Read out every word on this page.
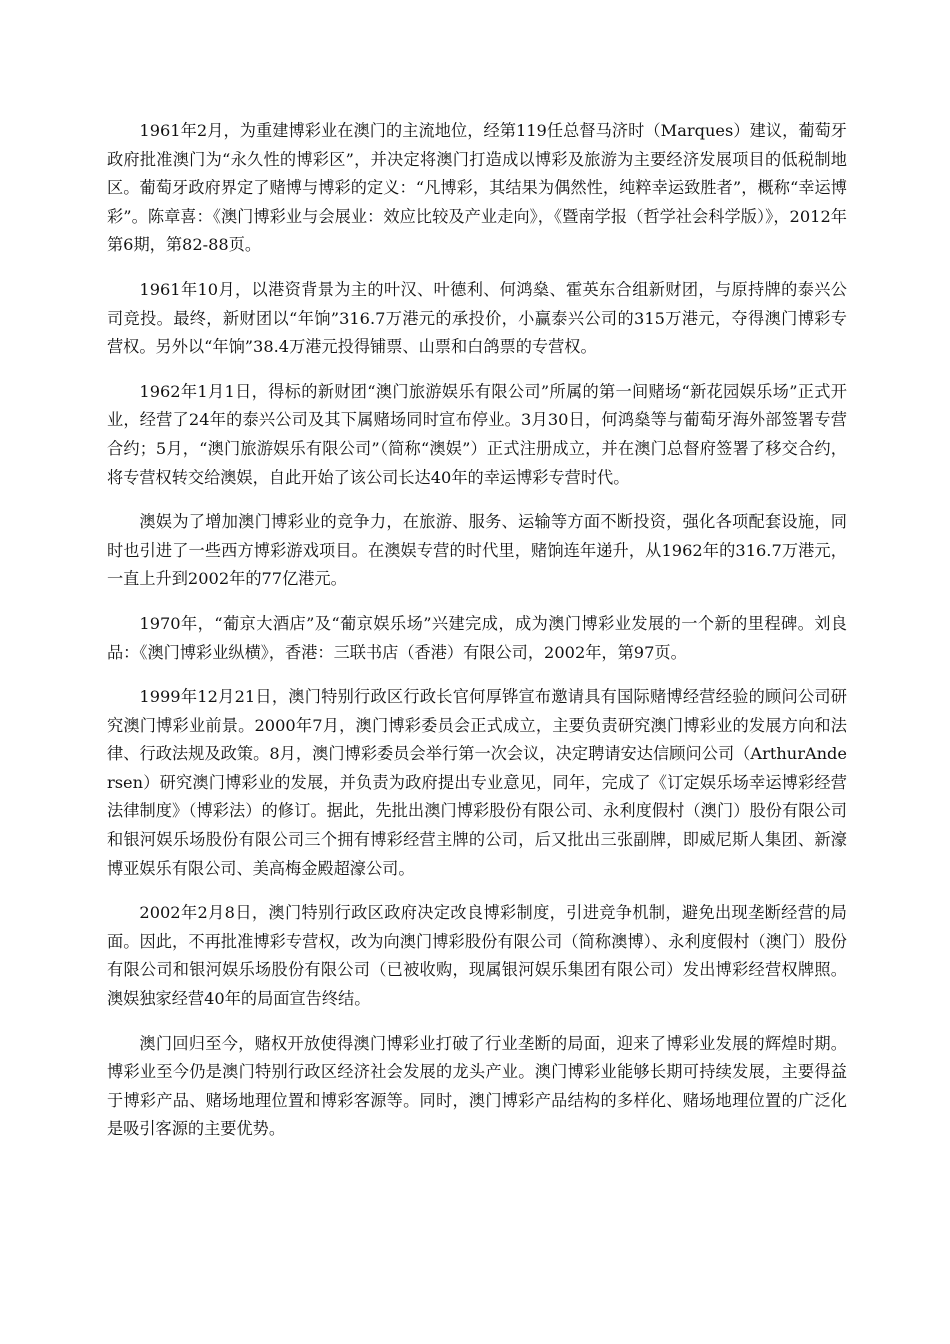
1961年2月，为重建博彩业在澳门的主流地位，经第119任总督马济时（Marques）建议，葡萄牙政府批准澳门为“永久性的博彩区”，并决定将澳门打造成以博彩及旅游为主要经济发展项目的低税制地区。葡萄牙政府界定了赌博与博彩的定义：“凡博彩，其结果为偶然性，纯粹幸运致胜者”，概称“幸运博彩”。陈章喜：《澳门博彩业与会展业：效应比较及产业走向》，《暨南学报（哲学社会科学版）》，2012年第6期，第82-88页。

1961年10月，以港资背景为主的叶汉、叶德利、何鸿燊、霍英东合组新财团，与原持牌的泰兴公司竞投。最终，新财团以“年饷”316.7万港元的承投价，小赢泰兴公司的315万港元，夺得澳门博彩专营权。另外以“年饷”38.4万港元投得铺票、山票和白鸽票的专营权。

1962年1月1日，得标的新财团“澳门旅游娱乐有限公司”所属的第一间赌场“新花园娱乐场”正式开业，经营了24年的泰兴公司及其下属赌场同时宣布停业。3月30日，何鸿燊等与葡萄牙海外部签署专营合约；5月，“澳门旅游娱乐有限公司”（简称“澳娱”）正式注册成立，并在澳门总督府签署了移交合约，将专营权转交给澳娱，自此开始了该公司长达40年的幸运博彩专营时代。

澳娱为了增加澳门博彩业的竞争力，在旅游、服务、运输等方面不断投资，强化各项配套设施，同时也引进了一些西方博彩游戏项目。在澳娱专营的时代里，赌饷连年递升，从1962年的316.7万港元，一直上升到2002年的77亿港元。

1970年，“葡京大酒店”及“葡京娱乐场”兴建完成，成为澳门博彩业发展的一个新的里程碑。刘良品：《澳门博彩业纵横》，香港：三联书店（香港）有限公司，2002年，第97页。

1999年12月21日，澳门特别行政区行政长官何厚铧宣布邀请具有国际赌博经营经验的顾问公司研究澳门博彩业前景。2000年7月，澳门博彩委员会正式成立，主要负责研究澳门博彩业的发展方向和法律、行政法规及政策。8月，澳门博彩委员会举行第一次会议，决定聘请安达信顾问公司（ArthurAndersen）研究澳门博彩业的发展，并负责为政府提出专业意见，同年，完成了《订定娱乐场幸运博彩经营法律制度》（博彩法）的修订。据此，先批出澳门博彩股份有限公司、永利度假村（澳门）股份有限公司和银河娱乐场股份有限公司三个拥有博彩经营主牌的公司，后又批出三张副牌，即威尼斯人集团、新濠博亚娱乐有限公司、美高梅金殿超濠公司。

2002年2月8日，澳门特别行政区政府决定改良博彩制度，引进竞争机制，避免出现垄断经营的局面。因此，不再批准博彩专营权，改为向澳门博彩股份有限公司（简称澳博）、永利度假村（澳门）股份有限公司和银河娱乐场股份有限公司（已被收购，现属银河娱乐集团有限公司）发出博彩经营权牌照。澳娱独家经营40年的局面宣告终结。

澳门回归至今，赌权开放使得澳门博彩业打破了行业垄断的局面，迎来了博彩业发展的辉煌时期。博彩业至今仍是澳门特别行政区经济社会发展的龙头产业。澳门博彩业能够长期可持续发展，主要得益于博彩产品、赌场地理位置和博彩客源等。同时，澳门博彩产品结构的多样化、赌场地理位置的广泛化是吸引客源的主要优势。
